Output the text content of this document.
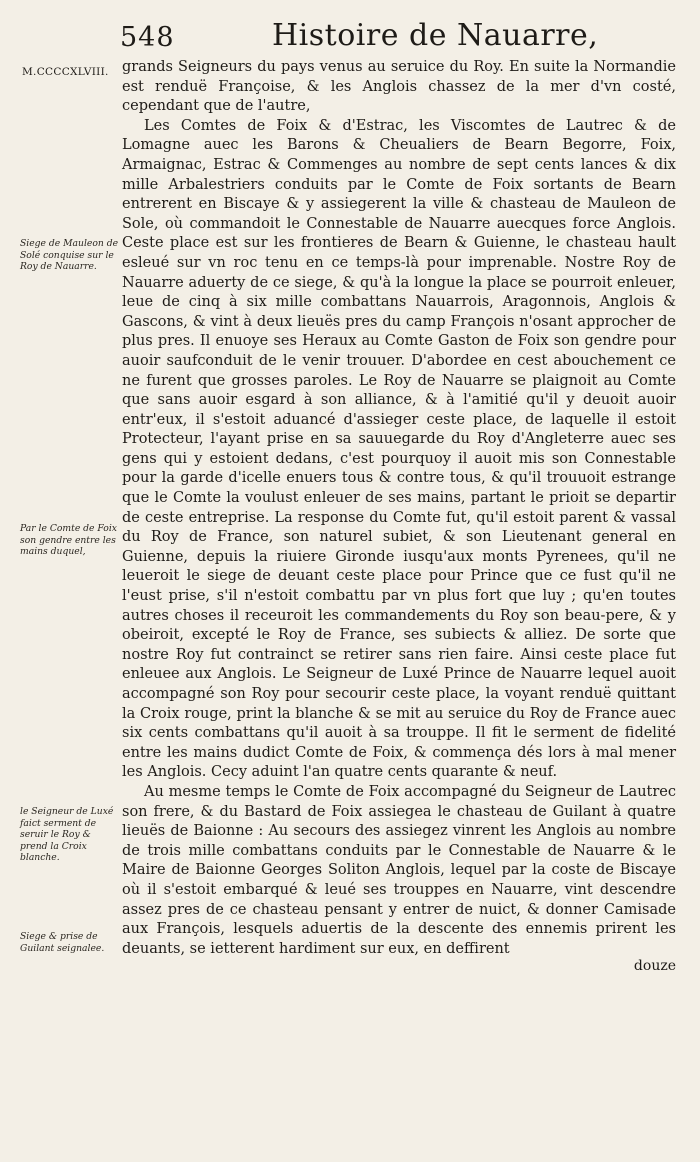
548	Histoire de Nauarre,
M.CCCCXLVIII.
Siege de Mauleon de Solé conquise sur le Roy de Nauarre.
Par le Comte de Foix son gendre entre les mains duquel,
le Seigneur de Luxé faict serment de seruir le Roy & prend la Croix blanche.
Siege & prise de Guilant seignalee.

grands Seigneurs du pays venus au seruice du Roy. En suite la Normandie est renduë Françoise, & les Anglois chassez de la mer d'vn costé, cependant que de l'autre,

Les Comtes de Foix & d'Estrac, les Viscomtes de Lautrec & de Lomagne auec les Barons & Cheualiers de Bearn Begorre, Foix, Armaignac, Estrac & Commenges au nombre de sept cents lances & dix mille Arbalestriers conduits par le Comte de Foix sortants de Bearn entrerent en Biscaye & y assiegerent la ville & chasteau de Mauleon de Sole, où commandoit le Connestable de Nauarre auecques force Anglois. Ceste place est sur les frontieres de Bearn & Guienne, le chasteau hault esleué sur vn roc tenu en ce temps-là pour imprenable. Nostre Roy de Nauarre aduerty de ce siege, & qu'à la longue la place se pourroit enleuer, leue de cinq à six mille combattans Nauarrois, Aragonnois, Anglois & Gascons, & vint à deux lieuës pres du camp François n'osant approcher de plus pres. Il enuoye ses Heraux au Comte Gaston de Foix son gendre pour auoir saufconduit de le venir trouuer. D'abordee en cest abouchement ce ne furent que grosses paroles. Le Roy de Nauarre se plaignoit au Comte que sans auoir esgard à son alliance, & à l'amitié qu'il y deuoit auoir entr'eux, il s'estoit aduancé d'assieger ceste place, de laquelle il estoit Protecteur, l'ayant prise en sa sauuegarde du Roy d'Angleterre auec ses gens qui y estoient dedans, c'est pourquoy il auoit mis son Connestable pour la garde d'icelle enuers tous & contre tous, & qu'il trouuoit estrange que le Comte la voulust enleuer de ses mains, partant le prioit se departir de ceste entreprise. La response du Comte fut, qu'il estoit parent & vassal du Roy de France, son naturel subiet, & son Lieutenant general en Guienne, depuis la riuiere Gironde iusqu'aux monts Pyrenees, qu'il ne leueroit le siege de deuant ceste place pour Prince que ce fust qu'il ne l'eust prise, s'il n'estoit combattu par vn plus fort que luy ; qu'en toutes autres choses il receuroit les commandements du Roy son beau-pere, & y obeiroit, excepté le Roy de France, ses subiects & alliez. De sorte que nostre Roy fut contrainct se retirer sans rien faire. Ainsi ceste place fut enleuee aux Anglois. Le Seigneur de Luxé Prince de Nauarre lequel auoit accompagné son Roy pour secourir ceste place, la voyant renduë quittant la Croix rouge, print la blanche & se mit au seruice du Roy de France auec six cents combattans qu'il auoit à sa trouppe. Il fit le serment de fidelité entre les mains dudict Comte de Foix, & commença dés lors à mal mener les Anglois. Cecy aduint l'an quatre cents quarante & neuf.

Au mesme temps le Comte de Foix accompagné du Seigneur de Lautrec son frere, & du Bastard de Foix assiegea le chasteau de Guilant à quatre lieuës de Baionne : Au secours des assiegez vinrent les Anglois au nombre de trois mille combattans conduits par le Connestable de Nauarre & le Maire de Baionne Georges Soliton Anglois, lequel par la coste de Biscaye où il s'estoit embarqué & leué ses trouppes en Nauarre, vint descendre assez pres de ce chasteau pensant y entrer de nuict, & donner Camisade aux François, lesquels aduertis de la descente des ennemis prirent les deuants, se ietterent hardiment sur eux, en deffirent

douze
